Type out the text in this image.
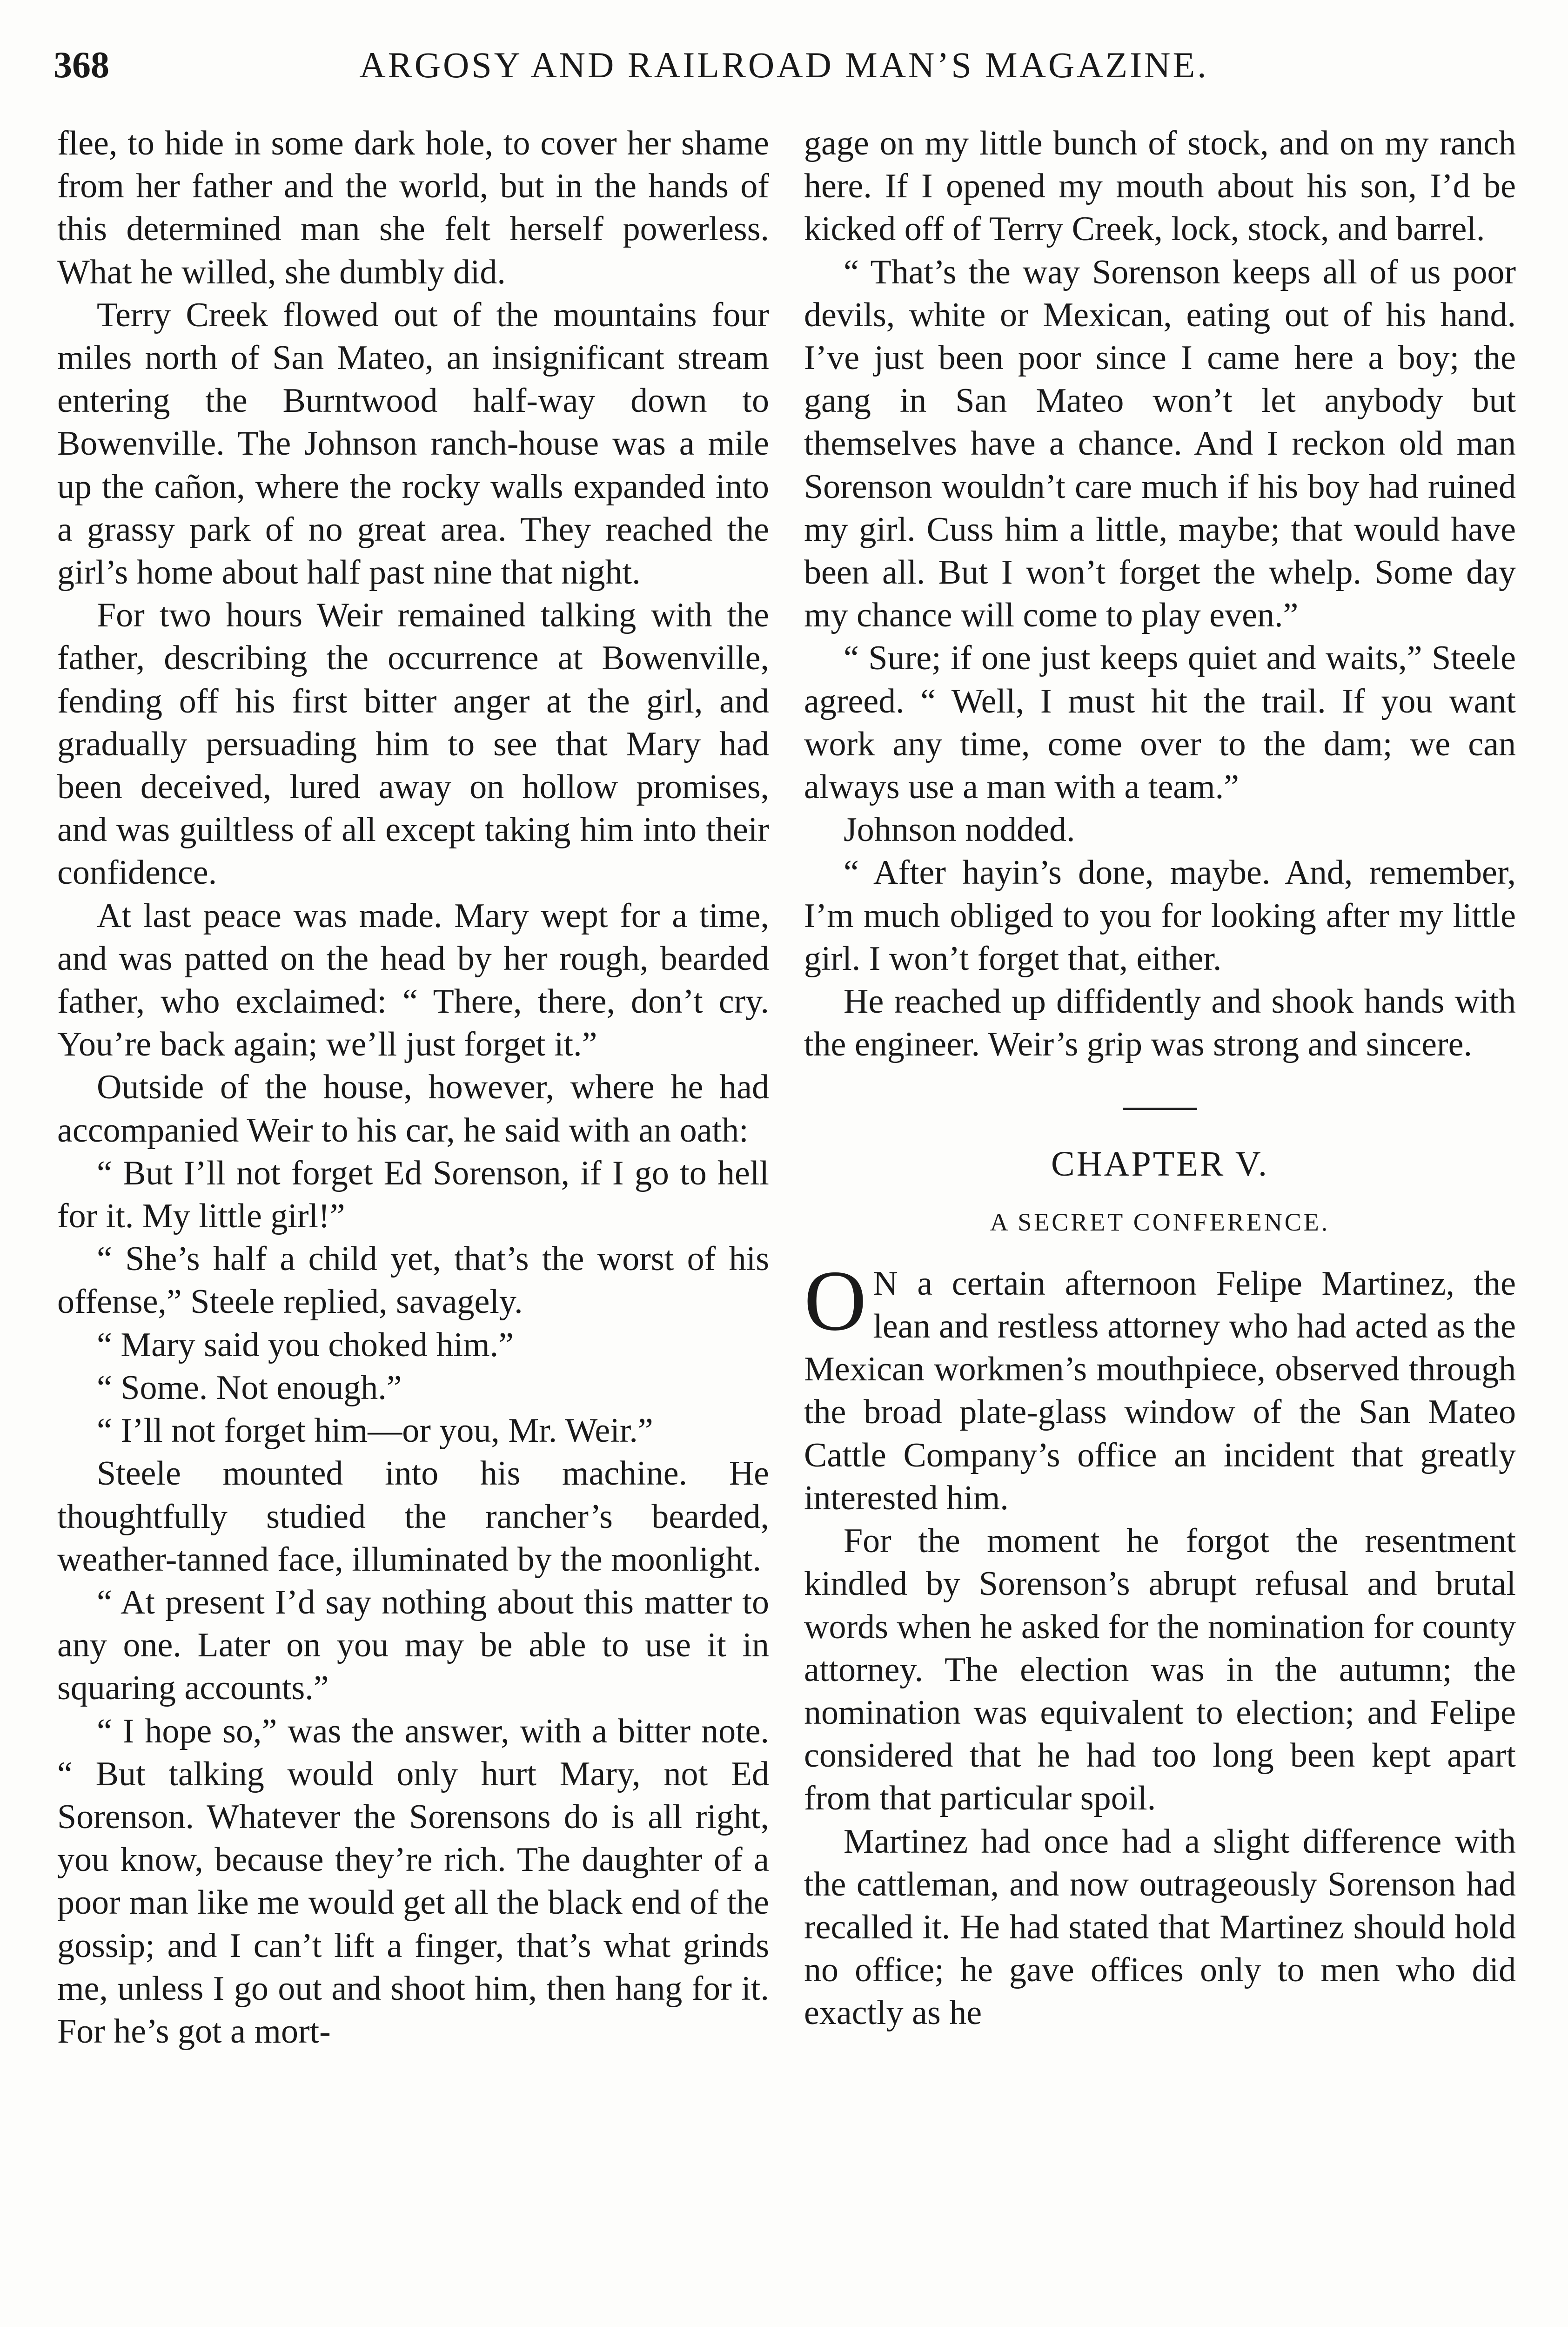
368	ARGOSY AND RAILROAD MAN’S MAGAZINE.

flee, to hide in some dark hole, to cover her shame from her father and the world, but in the hands of this determined man she felt herself powerless. What he willed, she dumbly did.

Terry Creek flowed out of the mountains four miles north of San Mateo, an insignificant stream entering the Burntwood half-way down to Bowenville. The Johnson ranch-house was a mile up the cañon, where the rocky walls expanded into a grassy park of no great area. They reached the girl’s home about half past nine that night.

For two hours Weir remained talking with the father, describing the occurrence at Bowenville, fending off his first bitter anger at the girl, and gradually persuading him to see that Mary had been deceived, lured away on hollow promises, and was guiltless of all except taking him into their confidence.

At last peace was made. Mary wept for a time, and was patted on the head by her rough, bearded father, who exclaimed: “ There, there, don’t cry. You’re back again; we’ll just forget it.”

Outside of the house, however, where he had accompanied Weir to his car, he said with an oath:

“ But I’ll not forget Ed Sorenson, if I go to hell for it. My little girl!”

“ She’s half a child yet, that’s the worst of his offense,” Steele replied, savagely.

“ Mary said you choked him.”

“ Some. Not enough.”

“ I’ll not forget him—or you, Mr. Weir.”

Steele mounted into his machine. He thoughtfully studied the rancher’s bearded, weather-tanned face, illuminated by the moonlight.

“ At present I’d say nothing about this matter to any one. Later on you may be able to use it in squaring accounts.”

“ I hope so,” was the answer, with a bitter note. “ But talking would only hurt Mary, not Ed Sorenson. Whatever the Sorensons do is all right, you know, because they’re rich. The daughter of a poor man like me would get all the black end of the gossip; and I can’t lift a finger, that’s what grinds me, unless I go out and shoot him, then hang for it. For he’s got a mort-

gage on my little bunch of stock, and on my ranch here. If I opened my mouth about his son, I’d be kicked off of Terry Creek, lock, stock, and barrel.

“ That’s the way Sorenson keeps all of us poor devils, white or Mexican, eating out of his hand. I’ve just been poor since I came here a boy; the gang in San Mateo won’t let anybody but themselves have a chance. And I reckon old man Sorenson wouldn’t care much if his boy had ruined my girl. Cuss him a little, maybe; that would have been all. But I won’t forget the whelp. Some day my chance will come to play even.”

“ Sure; if one just keeps quiet and waits,” Steele agreed. “ Well, I must hit the trail. If you want work any time, come over to the dam; we can always use a man with a team.”

Johnson nodded.

“ After hayin’s done, maybe. And, remember, I’m much obliged to you for looking after my little girl. I won’t forget that, either.

He reached up diffidently and shook hands with the engineer. Weir’s grip was strong and sincere.

CHAPTER V.
A SECRET CONFERENCE.

O N a certain afternoon Felipe Martinez, the lean and restless attorney who had acted as the Mexican workmen’s mouthpiece, observed through the broad plate-glass window of the San Mateo Cattle Company’s office an incident that greatly interested him.

For the moment he forgot the resentment kindled by Sorenson’s abrupt refusal and brutal words when he asked for the nomination for county attorney. The election was in the autumn; the nomination was equivalent to election; and Felipe considered that he had too long been kept apart from that particular spoil.

Martinez had once had a slight difference with the cattleman, and now outrageously Sorenson had recalled it. He had stated that Martinez should hold no office; he gave offices only to men who did exactly as he
